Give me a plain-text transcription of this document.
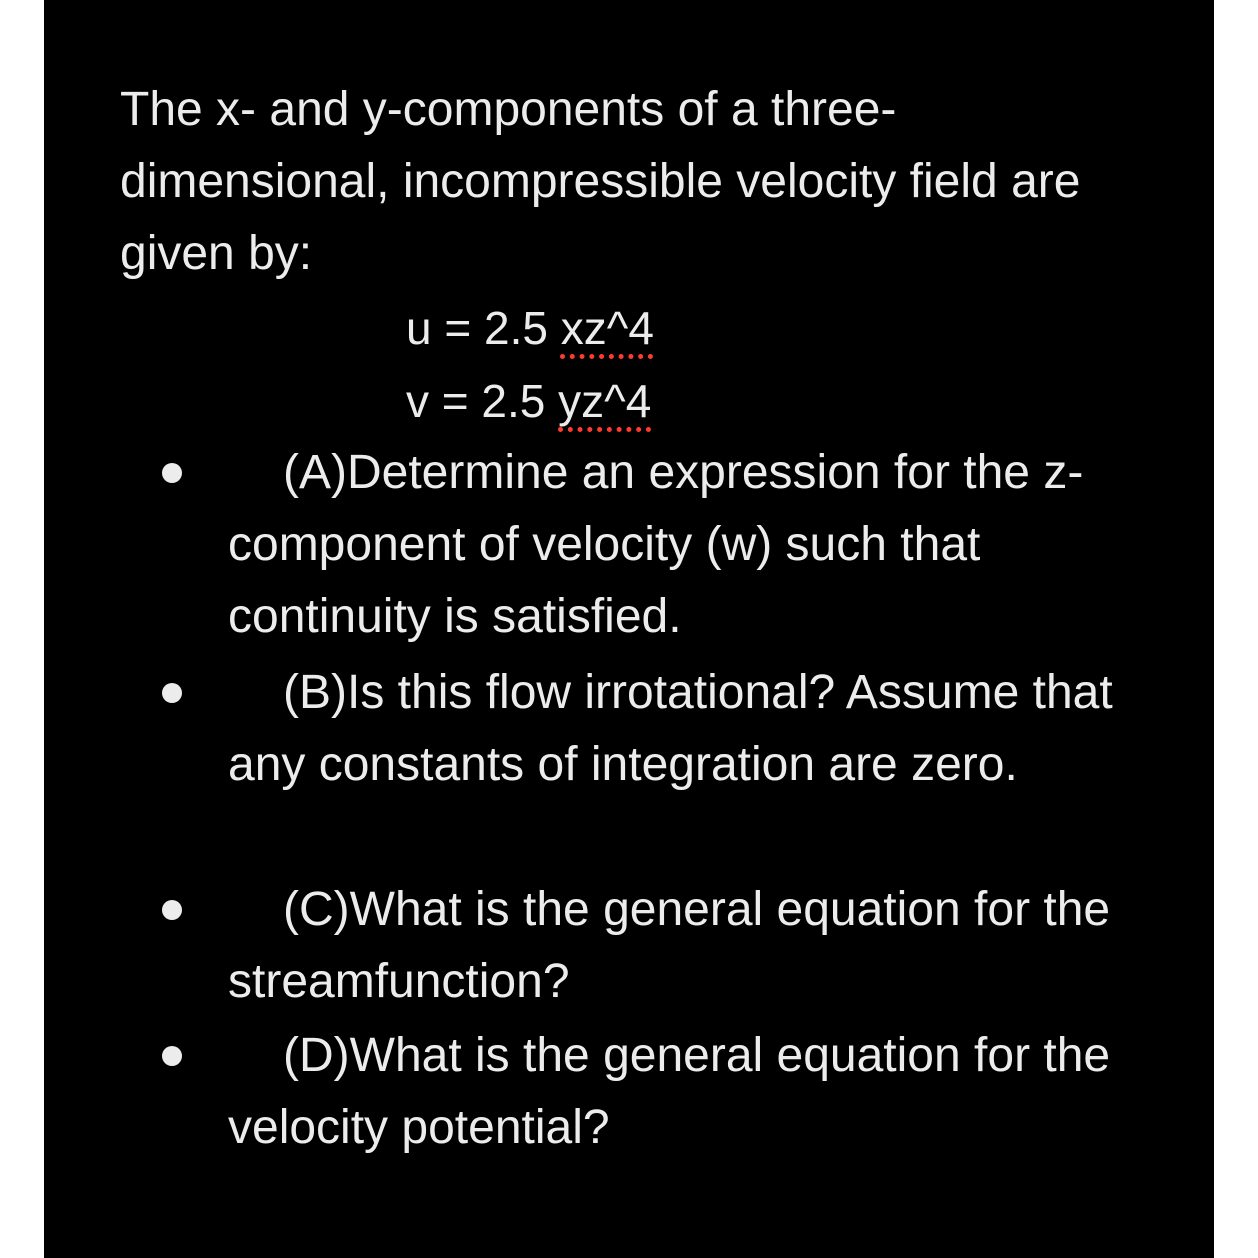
The x- and y-components of a three-dimensional, incompressible velocity field are given by:

u = 2.5 xz^4
v = 2.5 yz^4

(A)Determine an expression for the z-component of velocity (w) such that continuity is satisfied.

(B)Is this flow irrotational? Assume that any constants of integration are zero.

(C)What is the general equation for the streamfunction?

(D)What is the general equation for the velocity potential?
